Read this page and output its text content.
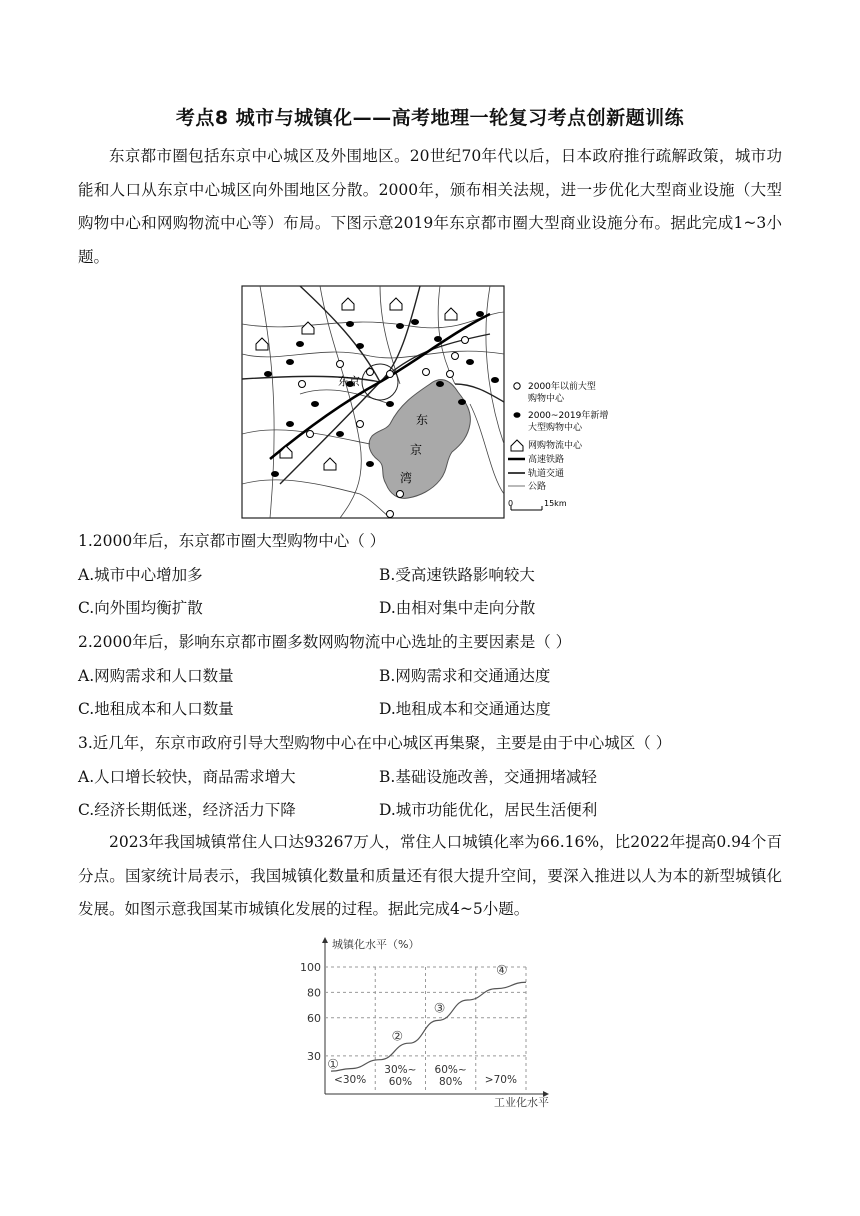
考点8 城市与城镇化——高考地理一轮复习考点创新题训练
东京都市圈包括东京中心城区及外围地区。20世纪70年代以后，日本政府推行疏解政策，城市功能和人口从东京中心城区向外围地区分散。2000年，颁布相关法规，进一步优化大型商业设施（大型购物中心和网购物流中心等）布局。下图示意2019年东京都市圈大型商业设施分布。据此完成1~3小题。
东京
东
京
湾
2000年以前大型
购物中心
2000~2019年新增
大型购物中心
网购物流中心
高速铁路
轨道交通
公路
0	15km
1.2000年后，东京都市圈大型购物中心（ ）
A.城市中心增加多	B.受高速铁路影响较大
C.向外围均衡扩散	D.由相对集中走向分散
2.2000年后，影响东京都市圈多数网购物流中心选址的主要因素是（ ）
A.网购需求和人口数量	B.网购需求和交通通达度
C.地租成本和人口数量	D.地租成本和交通通达度
3.近几年，东京市政府引导大型购物中心在中心城区再集聚，主要是由于中心城区（ ）
A.人口增长较快，商品需求增大	B.基础设施改善，交通拥堵减轻
C.经济长期低迷，经济活力下降	D.城市功能优化，居民生活便利
2023年我国城镇常住人口达93267万人，常住人口城镇化率为66.16%，比2022年提高0.94个百分点。国家统计局表示，我国城镇化数量和质量还有很大提升空间，要深入推进以人为本的新型城镇化发展。如图示意我国某市城镇化发展的过程。据此完成4~5小题。
城镇化水平（%）
工业化水平
30
60
80
100
<30%
①	30%~
60%
②
60%~
80%
③
>70%
④
